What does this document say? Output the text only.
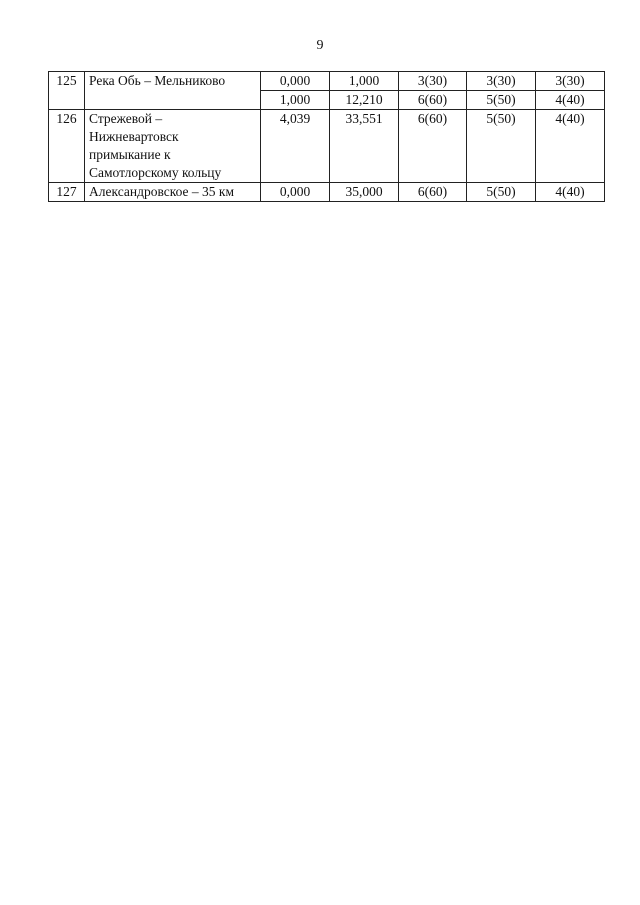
9
125	Река Обь – Мельниково	0,000	1,000	3(30)	3(30)	3(30)
		1,000	12,210	6(60)	5(50)	4(40)
126	Стрежевой –
Нижневартовск
примыкание к
Самотлорскому кольцу	4,039	33,551	6(60)	5(50)	4(40)
127	Александровское – 35 км	0,000	35,000	6(60)	5(50)	4(40)
